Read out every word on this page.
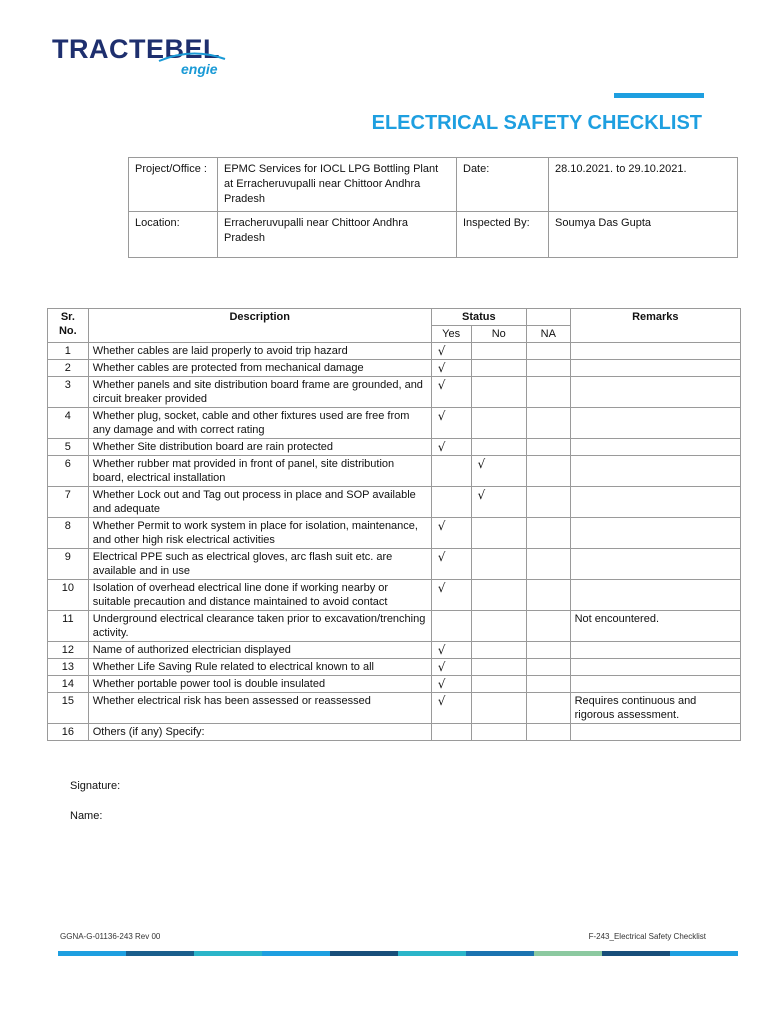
TRACTEBEL
engie
ELECTRICAL SAFETY CHECKLIST
Project/Office :	EPMC Services for IOCL LPG Bottling Plant at Erracheruvupalli near Chittoor Andhra Pradesh	Date:	28.10.2021. to 29.10.2021.
Location:	Erracheruvupalli near Chittoor Andhra Pradesh	Inspected By:	Soumya Das Gupta
Sr. No.	Description	Status			Remarks
		Yes	No	NA	
1	Whether cables are laid properly to avoid trip hazard	√			
2	Whether cables are protected from mechanical damage	√			
3	Whether panels and site distribution board frame are grounded, and circuit breaker provided	√			
4	Whether plug, socket, cable and other fixtures used are free from any damage and with correct rating	√			
5	Whether Site distribution board are rain protected	√			
6	Whether rubber mat provided in front of panel, site distribution board, electrical installation		√		
7	Whether Lock out and Tag out process in place and SOP available and adequate		√		
8	Whether Permit to work system in place for isolation, maintenance, and other high risk electrical activities	√			
9	Electrical PPE such as electrical gloves, arc flash suit etc. are available and in use	√			
10	Isolation of overhead electrical line done if working nearby or suitable precaution and distance maintained to avoid contact	√			
11	Underground electrical clearance taken prior to excavation/trenching activity.				Not encountered.
12	Name of authorized electrician displayed	√			
13	Whether Life Saving Rule related to electrical known to all	√			
14	Whether portable power tool is double insulated	√			
15	Whether electrical risk has been assessed or reassessed	√			Requires continuous and rigorous assessment.
16	Others (if any) Specify:				
Signature:
Name:
GGNA-G-01136-243 Rev 00	F-243_Electrical Safety Checklist
